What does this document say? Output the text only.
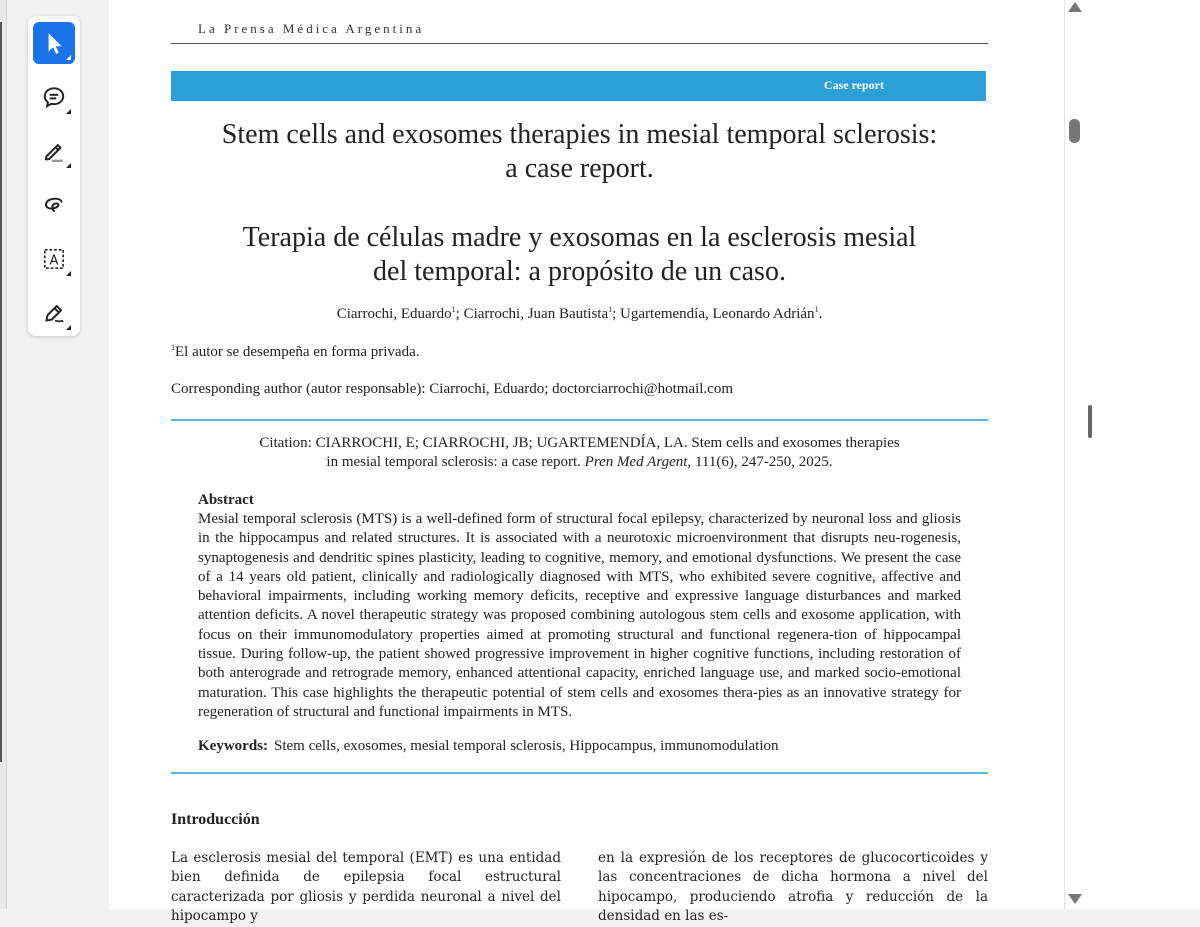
A
La Prensa Médica Argentina
Case report
Stem cells and exosomes therapies in mesial temporal sclerosis:
a case report.
Terapia de células madre y exosomas en la esclerosis mesial
del temporal: a propósito de un caso.
Ciarrochi, Eduardo$^1$; Ciarrochi, Juan Bautista$^1$; Ugartemendía, Leonardo Adrián$^1$.
$^1$El autor se desempeña en forma privada.
Corresponding author (autor responsable): Ciarrochi, Eduardo; doctorciarrochi@hotmail.com
Citation: CIARROCHI, E; CIARROCHI, JB; UGARTEMENDÍA, LA. Stem cells and exosomes therapies
in mesial temporal sclerosis: a case report. Pren Med Argent, 111(6), 247-250, 2025.
Abstract
Mesial temporal sclerosis (MTS) is a well-defined form of structural focal epilepsy, characterized by neuronal loss and gliosis in the hippocampus and related structures. It is associated with a neurotoxic microenvironment that disrupts neu-rogenesis, synaptogenesis and dendritic spines plasticity, leading to cognitive, memory, and emotional dysfunctions. We present the case of a 14 years old patient, clinically and radiologically diagnosed with MTS, who exhibited severe cognitive, affective and behavioral impairments, including working memory deficits, receptive and expressive language disturbances and marked attention deficits. A novel therapeutic strategy was proposed combining autologous stem cells and exosome application, with focus on their immunomodulatory properties aimed at promoting structural and functional regenera-tion of hippocampal tissue. During follow-up, the patient showed progressive improvement in higher cognitive functions, including restoration of both anterograde and retrograde memory, enhanced attentional capacity, enriched language use, and marked socio-emotional maturation. This case highlights the therapeutic potential of stem cells and exosomes thera-pies as an innovative strategy for regeneration of structural and functional impairments in MTS.
Keywords: Stem cells, exosomes, mesial temporal sclerosis, Hippocampus, immunomodulation
Introducción
La esclerosis mesial del temporal (EMT) es una entidad bien definida de epilepsia focal estructural caracterizada por gliosis y perdida neuronal a nivel del hipocampo y
en la expresión de los receptores de glucocorticoides y las concentraciones de dicha hormona a nivel del hipocampo, produciendo atrofia y reducción de la densidad en las es-
